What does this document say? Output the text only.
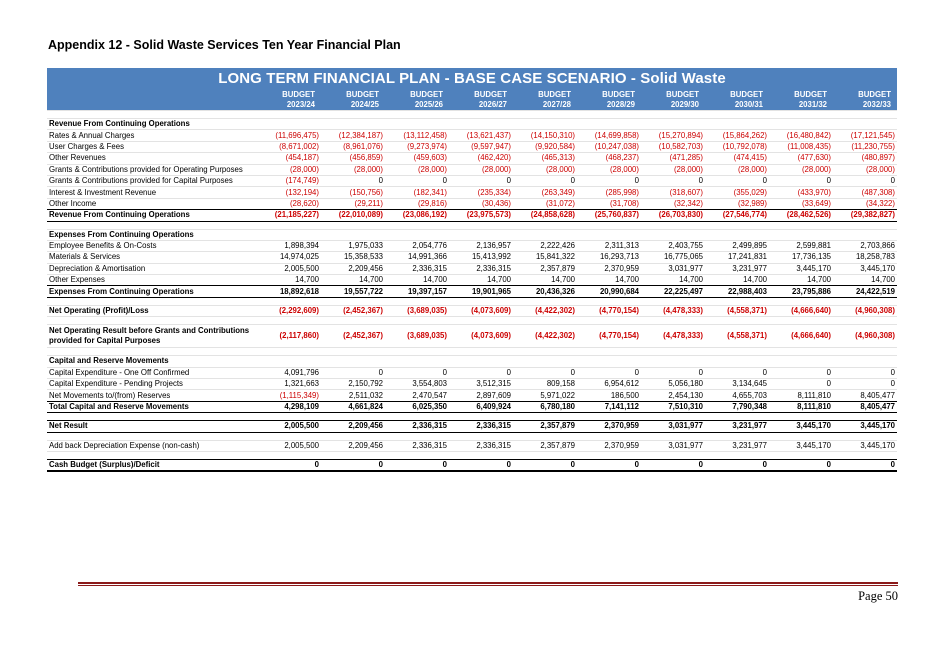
Appendix 12 - Solid Waste Services Ten Year Financial Plan
LONG TERM FINANCIAL PLAN - BASE CASE SCENARIO - Solid Waste
	BUDGET	BUDGET	BUDGET	BUDGET	BUDGET	BUDGET	BUDGET	BUDGET	BUDGET	BUDGET
	2023/24	2024/25	2025/26	2026/27	2027/28	2028/29	2029/30	2030/31	2031/32	2032/33

Revenue From Continuing Operations										
Rates & Annual Charges	(11,696,475)	(12,384,187)	(13,112,458)	(13,621,437)	(14,150,310)	(14,699,858)	(15,270,894)	(15,864,262)	(16,480,842)	(17,121,545)
User Charges & Fees	(8,671,002)	(8,961,076)	(9,273,974)	(9,597,947)	(9,920,584)	(10,247,038)	(10,582,703)	(10,792,078)	(11,008,435)	(11,230,755)
Other Revenues	(454,187)	(456,859)	(459,603)	(462,420)	(465,313)	(468,237)	(471,285)	(474,415)	(477,630)	(480,897)
Grants & Contributions provided for Operating Purposes	(28,000)	(28,000)	(28,000)	(28,000)	(28,000)	(28,000)	(28,000)	(28,000)	(28,000)	(28,000)
Grants & Contributions provided for Capital Purposes	(174,749)	0	0	0	0	0	0	0	0	0
Interest & Investment Revenue	(132,194)	(150,756)	(182,341)	(235,334)	(263,349)	(285,998)	(318,607)	(355,029)	(433,970)	(487,308)
Other Income	(28,620)	(29,211)	(29,816)	(30,436)	(31,072)	(31,708)	(32,342)	(32,989)	(33,649)	(34,322)
Revenue From Continuing Operations	(21,185,227)	(22,010,089)	(23,086,192)	(23,975,573)	(24,858,628)	(25,760,837)	(26,703,830)	(27,546,774)	(28,462,526)	(29,382,827)

Expenses From Continuing Operations										
Employee Benefits & On-Costs	1,898,394	1,975,033	2,054,776	2,136,957	2,222,426	2,311,313	2,403,755	2,499,895	2,599,881	2,703,866
Materials & Services	14,974,025	15,358,533	14,991,366	15,413,992	15,841,322	16,293,713	16,775,065	17,241,831	17,736,135	18,258,783
Depreciation & Amortisation	2,005,500	2,209,456	2,336,315	2,336,315	2,357,879	2,370,959	3,031,977	3,231,977	3,445,170	3,445,170
Other Expenses	14,700	14,700	14,700	14,700	14,700	14,700	14,700	14,700	14,700	14,700
Expenses From Continuing Operations	18,892,618	19,557,722	19,397,157	19,901,965	20,436,326	20,990,684	22,225,497	22,988,403	23,795,886	24,422,519

Net Operating (Profit)/Loss	(2,292,609)	(2,452,367)	(3,689,035)	(4,073,609)	(4,422,302)	(4,770,154)	(4,478,333)	(4,558,371)	(4,666,640)	(4,960,308)

Net Operating Result before Grants and Contributions provided for Capital Purposes	(2,117,860)	(2,452,367)	(3,689,035)	(4,073,609)	(4,422,302)	(4,770,154)	(4,478,333)	(4,558,371)	(4,666,640)	(4,960,308)

Capital and Reserve Movements										
Capital Expenditure - One Off Confirmed	4,091,796	0	0	0	0	0	0	0	0	0
Capital Expenditure - Pending Projects	1,321,663	2,150,792	3,554,803	3,512,315	809,158	6,954,612	5,056,180	3,134,645	0	0
Net Movements to/(from) Reserves	(1,115,349)	2,511,032	2,470,547	2,897,609	5,971,022	186,500	2,454,130	4,655,703	8,111,810	8,405,477
Total Capital and Reserve Movements	4,298,109	4,661,824	6,025,350	6,409,924	6,780,180	7,141,112	7,510,310	7,790,348	8,111,810	8,405,477

Net Result	2,005,500	2,209,456	2,336,315	2,336,315	2,357,879	2,370,959	3,031,977	3,231,977	3,445,170	3,445,170

Add back Depreciation Expense (non-cash)	2,005,500	2,209,456	2,336,315	2,336,315	2,357,879	2,370,959	3,031,977	3,231,977	3,445,170	3,445,170

Cash Budget (Surplus)/Deficit	0	0	0	0	0	0	0	0	0	0
Page 50
